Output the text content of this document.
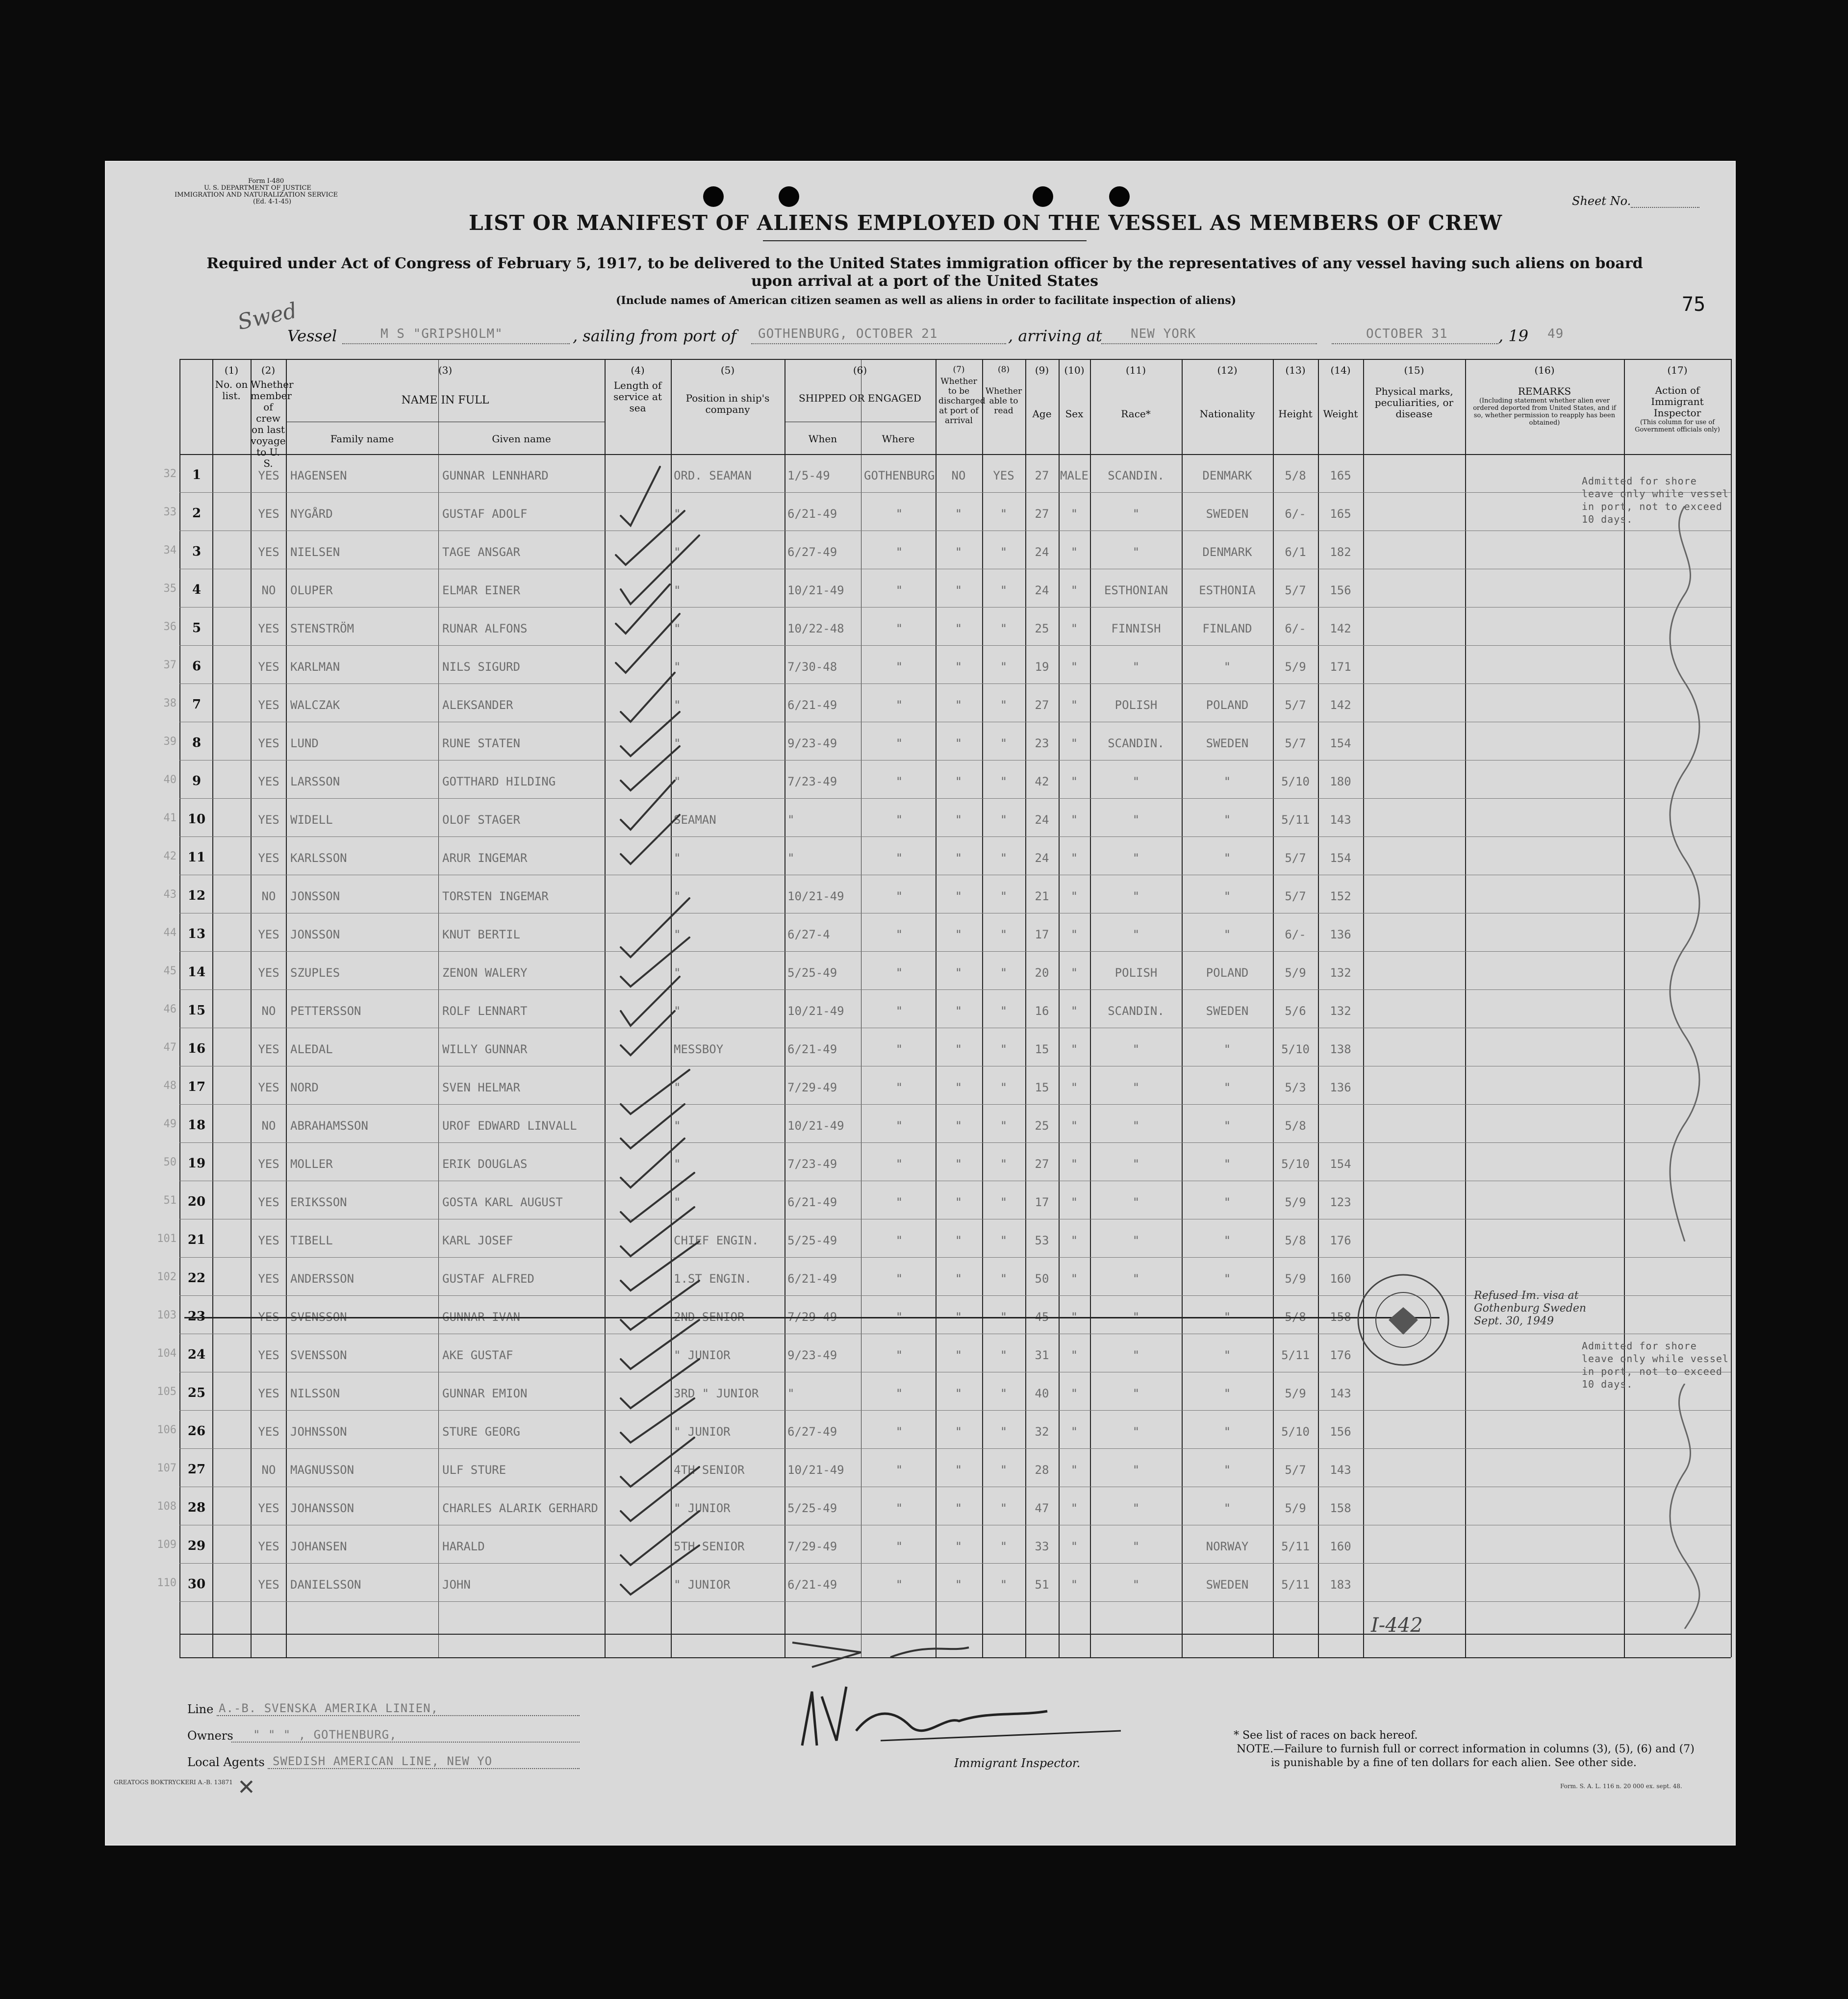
Form I-480
U. S. DEPARTMENT OF JUSTICE
IMMIGRATION AND NATURALIZATION SERVICE
(Ed. 4-1-45)	Sheet No.
75
Swed
LIST OR MANIFEST OF ALIENS EMPLOYED ON THE VESSEL AS MEMBERS OF CREW
Required under Act of Congress of February 5, 1917, to be delivered to the United States immigration officer by the representatives of any vessel having such aliens on board
upon arrival at a port of the United States
(Include names of American citizen seamen as well as aliens in order to facilitate inspection of aliens)
Vessel	M S "GRIPSHOLM"	, sailing from port of GOTHENBURG, OCTOBER 21	, arriving at NEW YORK	OCTOBER 31	, 19 49
(1)
No. on list.
(2)
Whether member of crew on last voyage to U. S.
(3)
NAME IN FULL
Family name	Given name
(4)
Length of service at sea
(5)
Position in ship's company
(6)
SHIPPED OR ENGAGED
When	Where
(7)
Whether to be discharged at port of arrival
(8)
Whether able to read
(9)
Age
(10)
Sex
(11)
Race*
(12)
Nationality
(13)
Height
(14)
Weight
(15)
Physical marks, peculiarities, or disease
(16)
REMARKS
(Including statement whether alien ever ordered deported from United States, and if so, whether permission to reapply has been obtained)
(17)
Action of Immigrant Inspector
(This column for use of Government officials only)
32	1	YES HAGENSEN	GUNNAR LENNHARD	ORD. SEAMAN	1/5-49	GOTHENBURG	NO	YES	27 MALE	SCANDIN.	DENMARK	5/8	165
33	2	YES NYGÅRD	GUSTAF ADOLF	"	6/21-49	"	"	"	27	"	"	SWEDEN	6/-	165
34	3	YES NIELSEN	TAGE ANSGAR	"	6/27-49	"	"	"	24	"	"	DENMARK	6/1	182
35	4	NO	OLUPER	ELMAR EINER	"	10/21-49	"	"	"	24	"	ESTHONIAN	ESTHONIA	5/7	156
36	5	YES STENSTRÖM	RUNAR ALFONS	"	10/22-48	"	"	"	25	"	FINNISH	FINLAND	6/-	142
37	6	YES KARLMAN	NILS SIGURD	"	7/30-48	"	"	"	19	"	"	"	5/9	171
38	7	YES WALCZAK	ALEKSANDER	"	6/21-49	"	"	"	27	"	POLISH	POLAND	5/7	142
39	8	YES LUND	RUNE STATEN	"	9/23-49	"	"	"	23	"	SCANDIN.	SWEDEN	5/7	154
40	9	YES LARSSON	GOTTHARD HILDING	"	7/23-49	"	"	"	42	"	"	"	5/10	180
41 10	YES WIDELL	OLOF STAGER	SEAMAN	"	"	"	"	24	"	"	"	5/11	143
42 11	YES KARLSSON	ARUR INGEMAR	"	"	"	"	"	24	"	"	"	5/7	154
43 12	NO	JONSSON	TORSTEN INGEMAR	"	10/21-49	"	"	"	21	"	"	"	5/7	152
44 13	YES JONSSON	KNUT BERTIL	"	6/27-4	"	"	"	17	"	"	"	6/-	136
45 14	YES SZUPLES	ZENON WALERY	"	5/25-49	"	"	"	20	"	POLISH	POLAND	5/9	132
46 15	NO	PETTERSSON	ROLF LENNART	"	10/21-49	"	"	"	16	"	SCANDIN.	SWEDEN	5/6	132
47 16	YES ALEDAL	WILLY GUNNAR	MESSBOY	6/21-49	"	"	"	15	"	"	"	5/10	138
48 17	YES NORD	SVEN HELMAR	"	7/29-49	"	"	"	15	"	"	"	5/3	136
49 18	NO	ABRAHAMSSON	UROF EDWARD LINVALL	"	10/21-49	"	"	"	25	"	"	"	5/8
50 19	YES MOLLER	ERIK DOUGLAS	"	7/23-49	"	"	"	27	"	"	"	5/10	154
51 20	YES ERIKSSON	GOSTA KARL AUGUST	"	6/21-49	"	"	"	17	"	"	"	5/9	123
101 21	YES TIBELL	KARL JOSEF	CHIEF ENGIN.	5/25-49	"	"	"	53	"	"	"	5/8	176
102 22	YES ANDERSSON	GUSTAF ALFRED	1.ST ENGIN.	6/21-49	"	"	"	50	"	"	"	5/9	160
103 23	YES SVENSSON	GUNNAR IVAN	2ND SENIOR	7/29-49	"	"	"	45	"	"	"	5/8	158
104 24	YES SVENSSON	AKE GUSTAF	" JUNIOR	9/23-49	"	"	"	31	"	"	"	5/11	176
105 25	YES NILSSON	GUNNAR EMION	3RD " JUNIOR	"	"	"	"	40	"	"	"	5/9	143
106 26	YES JOHNSSON	STURE GEORG	" JUNIOR	6/27-49	"	"	"	32	"	"	"	5/10	156
107 27	NO	MAGNUSSON	ULF STURE	4TH SENIOR	10/21-49	"	"	"	28	"	"	"	5/7	143
108 28	YES JOHANSSON	CHARLES ALARIK GERHARD	" JUNIOR	5/25-49	"	"	"	47	"	"	"	5/9	158
109 29	YES JOHANSEN	HARALD	5TH SENIOR	7/29-49	"	"	"	33	"	"	NORWAY	5/11	160
110 30	YES DANIELSSON	JOHN	" JUNIOR	6/21-49	"	"	"	51	"	"	SWEDEN	5/11	183
Admitted for shore leave only while vessel in port, not to exceed 10 days.
Admitted for shore leave only while vessel in port, not to exceed 10 days.
Refused Im. visa at Gothenburg Sweden Sept. 30, 1949
I-442
Line A.-B. SVENSKA AMERIKA LINIEN,
Owners " " " , GOTHENBURG,
Local Agents SWEDISH AMERICAN LINE, NEW YO
GREATOGS BOKTRYCKERI A.-B. 13871 ✕
Immigrant Inspector.
* See list of races on back hereof.
NOTE.—Failure to furnish full or correct information in columns (3), (5), (6) and (7)
is punishable by a fine of ten dollars for each alien. See other side.
Form. S. A. L. 116 n. 20 000 ex. sept. 48.
